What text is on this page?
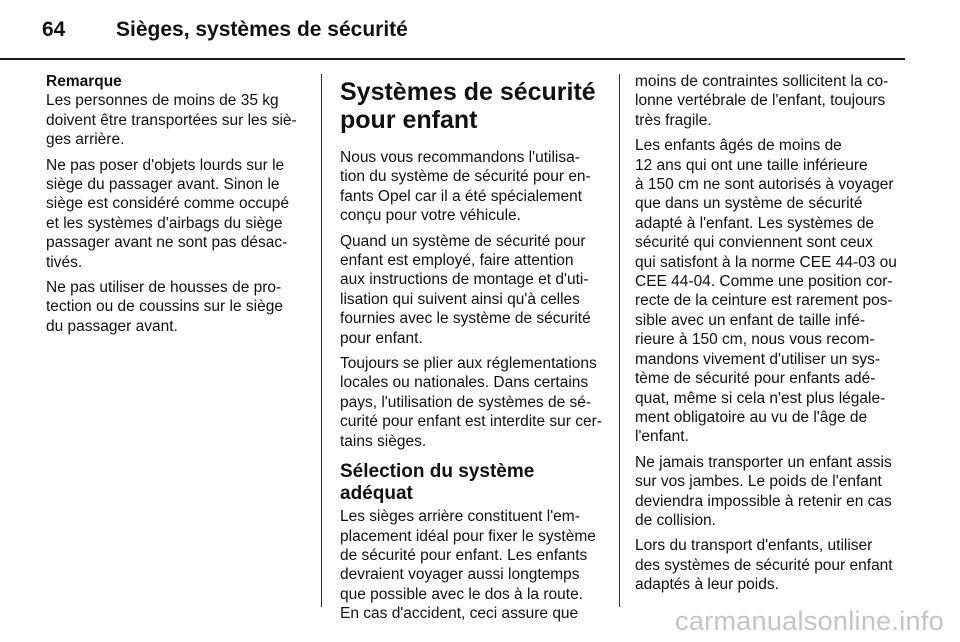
64 Sièges, systèmes de sécurité
Remarque
Les personnes de moins de 35 kg
doivent être transportées sur les siè-
ges arrière.
Ne pas poser d'objets lourds sur le
siège du passager avant. Sinon le
siège est considéré comme occupé
et les systèmes d'airbags du siège
passager avant ne sont pas désac-
tivés.
Ne pas utiliser de housses de pro-
tection ou de coussins sur le siège
du passager avant.
Systèmes de sécurité
pour enfant
Nous vous recommandons l'utilisa-
tion du système de sécurité pour en-
fants Opel car il a été spécialement
conçu pour votre véhicule.
Quand un système de sécurité pour
enfant est employé, faire attention
aux instructions de montage et d'uti-
lisation qui suivent ainsi qu'à celles
fournies avec le système de sécurité
pour enfant.
Toujours se plier aux réglementations
locales ou nationales. Dans certains
pays, l'utilisation de systèmes de sé-
curité pour enfant est interdite sur cer-
tains sièges.
Sélection du système adéquat
Les sièges arrière constituent l'em-
placement idéal pour fixer le système
de sécurité pour enfant. Les enfants
devraient voyager aussi longtemps
que possible avec le dos à la route.
En cas d'accident, ceci assure que
moins de contraintes sollicitent la co-
lonne vertébrale de l'enfant, toujours
très fragile.
Les enfants âgés de moins de
12 ans qui ont une taille inférieure
à 150 cm ne sont autorisés à voyager
que dans un système de sécurité
adapté à l'enfant. Les systèmes de
sécurité qui conviennent sont ceux
qui satisfont à la norme CEE 44-03 ou
CEE 44-04. Comme une position cor-
recte de la ceinture est rarement pos-
sible avec un enfant de taille infé-
rieure à 150 cm, nous vous recom-
mandons vivement d'utiliser un sys-
tème de sécurité pour enfants adé-
quat, même si cela n'est plus légale-
ment obligatoire au vu de l'âge de
l'enfant.
Ne jamais transporter un enfant assis
sur vos jambes. Le poids de l'enfant
deviendra impossible à retenir en cas
de collision.
Lors du transport d'enfants, utiliser
des systèmes de sécurité pour enfant
adaptés à leur poids.
carmanualsonline.info
